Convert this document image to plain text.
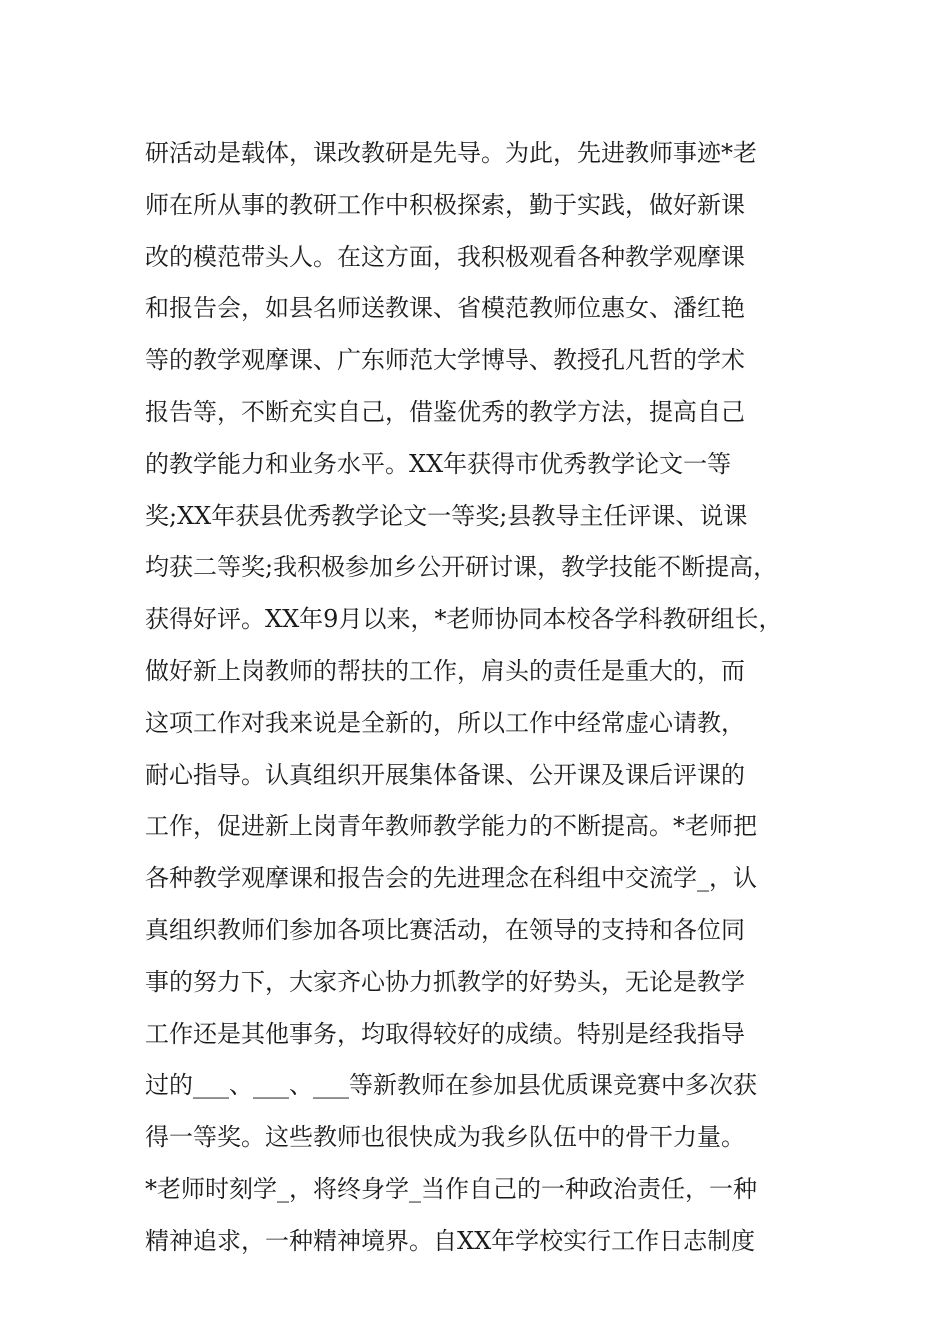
研活动是载体，课改教研是先导。为此，先进教师事迹*老
师在所从事的教研工作中积极探索，勤于实践，做好新课
改的模范带头人。在这方面，我积极观看各种教学观摩课
和报告会，如县名师送教课、省模范教师位惠女、潘红艳
等的教学观摩课、广东师范大学博导、教授孔凡哲的学术
报告等，不断充实自己，借鉴优秀的教学方法，提高自己
的教学能力和业务水平。XX年获得市优秀教学论文一等
奖;XX年获县优秀教学论文一等奖;县教导主任评课、说课
均获二等奖;我积极参加乡公开研讨课，教学技能不断提高，
获得好评。XX年9月以来，*老师协同本校各学科教研组长，
做好新上岗教师的帮扶的工作，肩头的责任是重大的，而
这项工作对我来说是全新的，所以工作中经常虚心请教，
耐心指导。认真组织开展集体备课、公开课及课后评课的
工作，促进新上岗青年教师教学能力的不断提高。*老师把
各种教学观摩课和报告会的先进理念在科组中交流学_，认
真组织教师们参加各项比赛活动，在领导的支持和各位同
事的努力下，大家齐心协力抓教学的好势头，无论是教学
工作还是其他事务，均取得较好的成绩。特别是经我指导
过的___、___、___等新教师在参加县优质课竞赛中多次获
得一等奖。这些教师也很快成为我乡队伍中的骨干力量。
*老师时刻学_，将终身学_当作自己的一种政治责任，一种
精神追求，一种精神境界。自XX年学校实行工作日志制度
